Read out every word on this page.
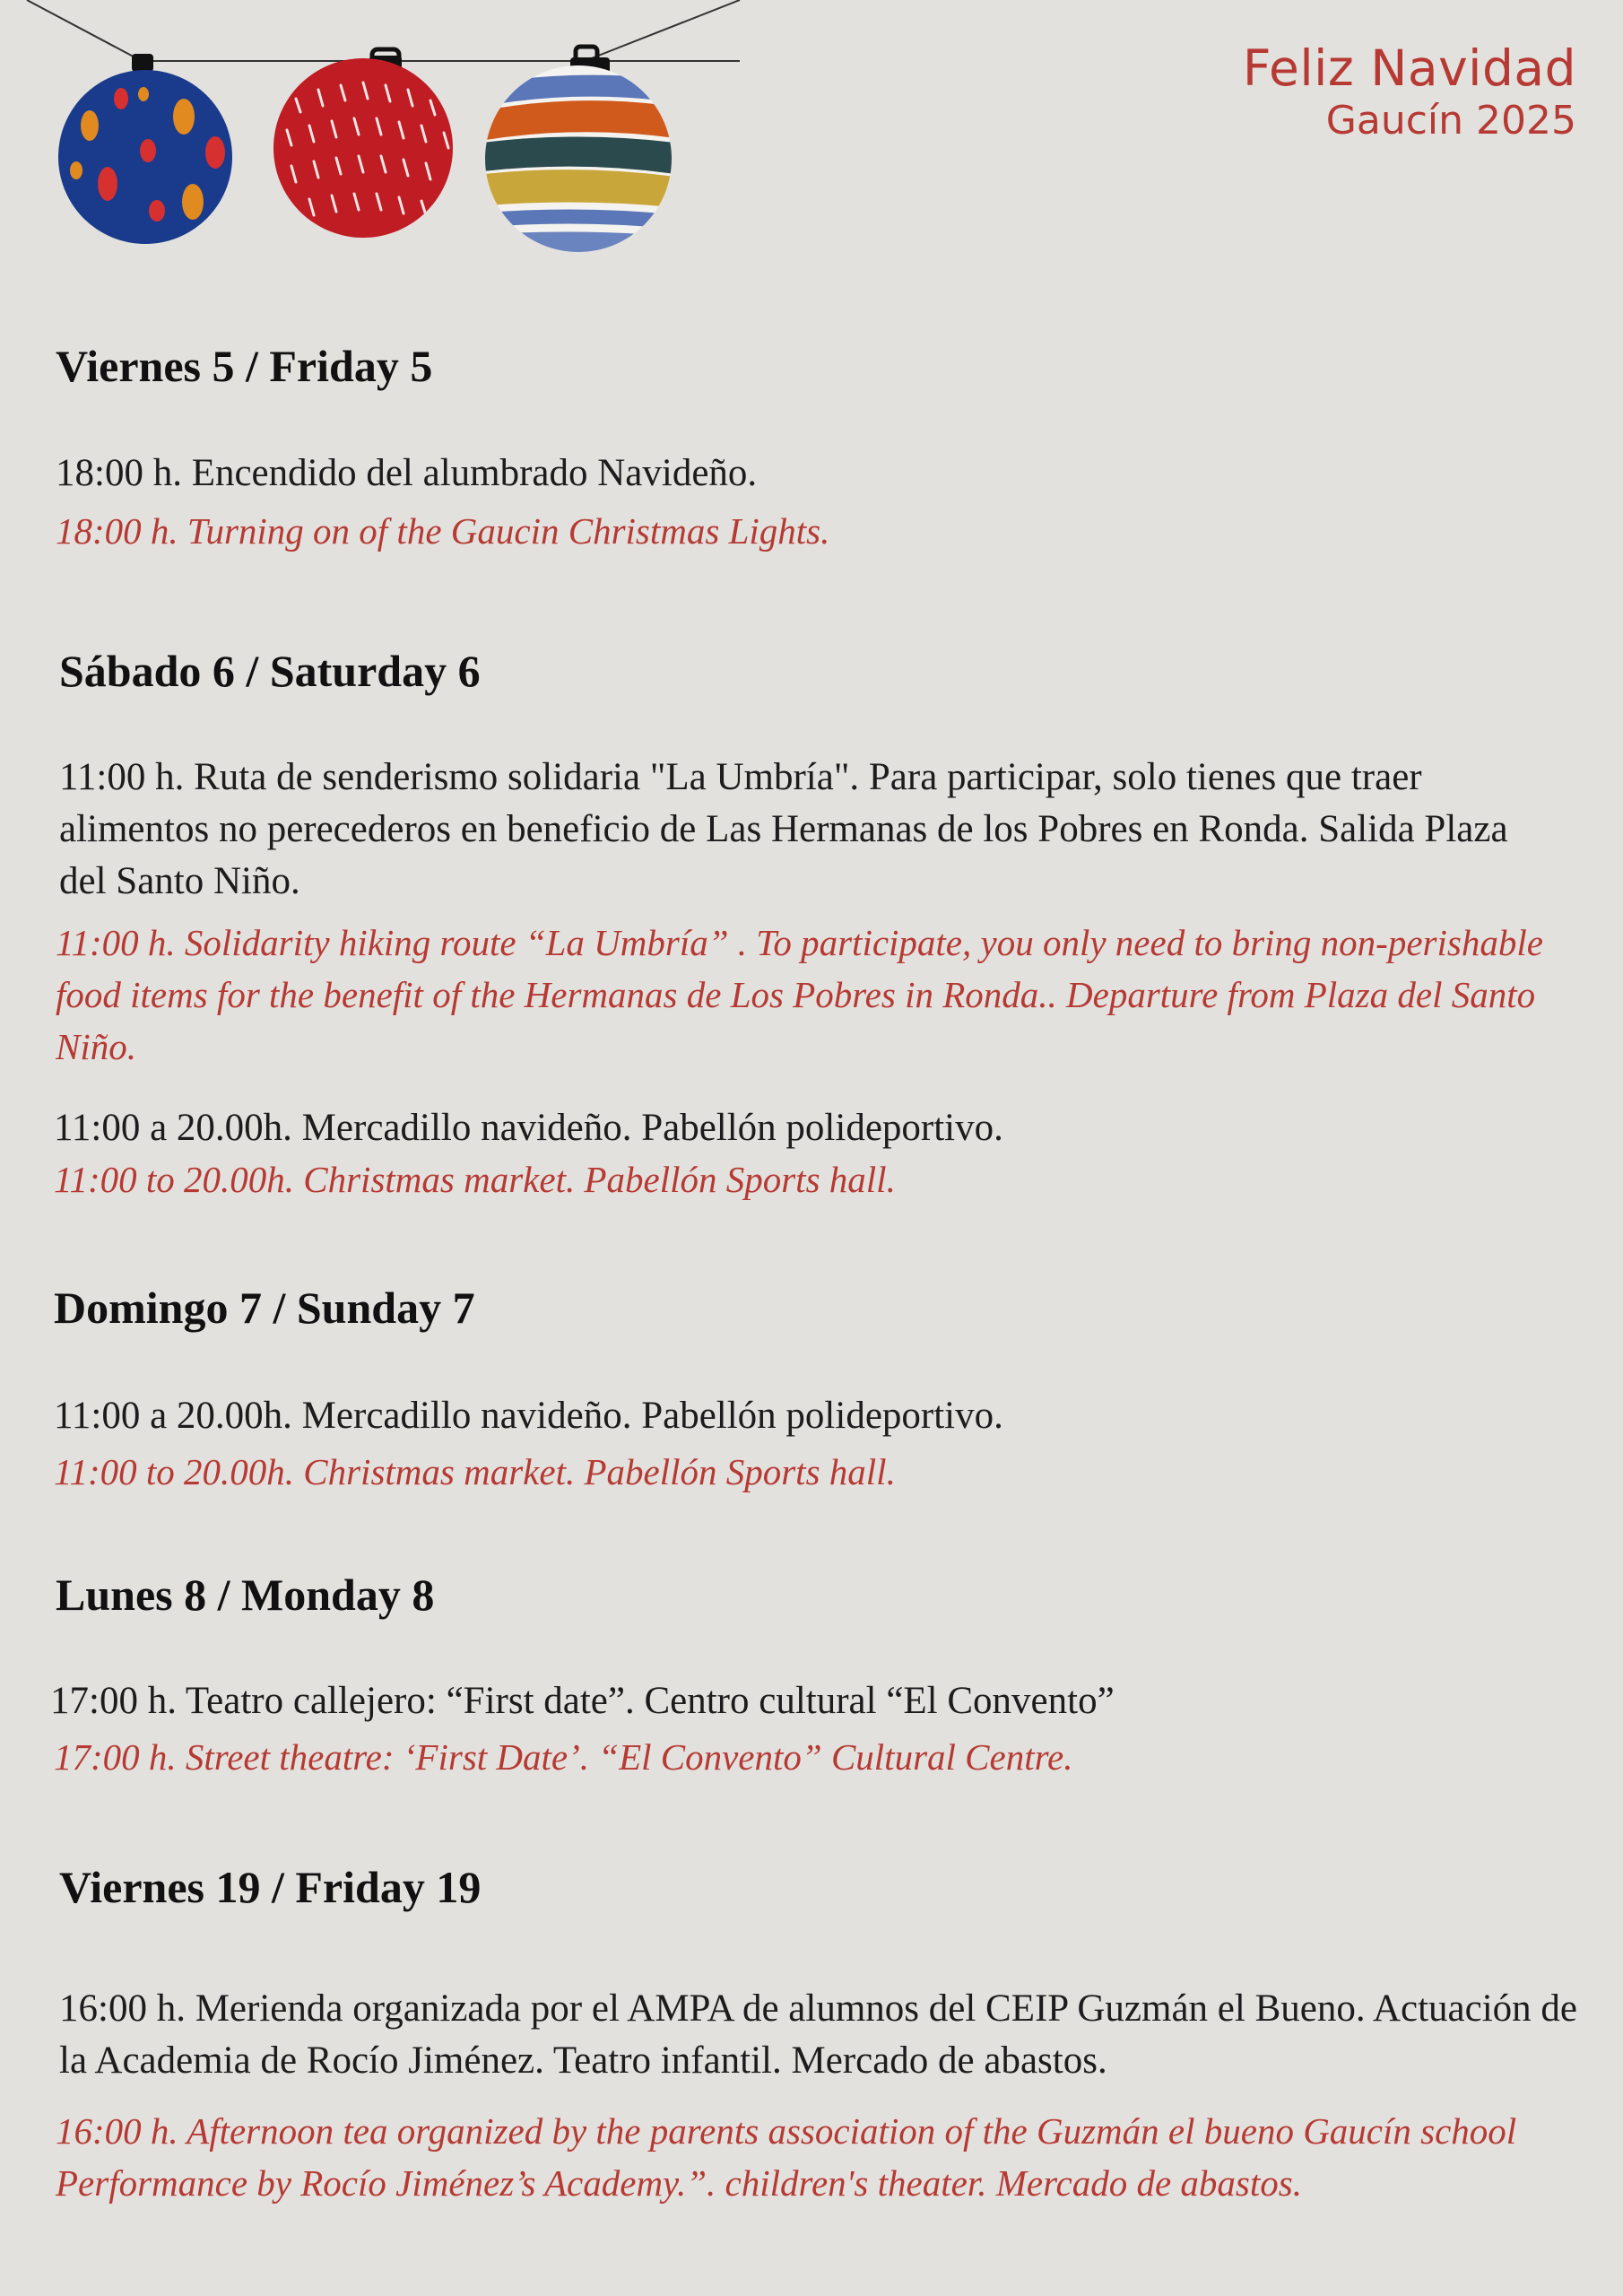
Feliz Navidad
Gaucín 2025
Viernes 5 / Friday 5
18:00 h. Encendido del alumbrado Navideño.
18:00 h. Turning on of the Gaucin Christmas Lights.
Sábado 6 / Saturday 6
11:00 h. Ruta de senderismo solidaria "La Umbría". Para participar, solo tienes que traer alimentos no perecederos en beneficio de Las Hermanas de los Pobres en Ronda. Salida Plaza del Santo Niño.
11:00 h. Solidarity hiking route “La Umbría” . To participate, you only need to bring non-perishable food items for the benefit of the Hermanas de Los Pobres in Ronda.. Departure from Plaza del Santo Niño.
11:00 a 20.00h. Mercadillo navideño. Pabellón polideportivo.
11:00 to 20.00h. Christmas market. Pabellón Sports hall.
Domingo 7 / Sunday 7
11:00 a 20.00h. Mercadillo navideño. Pabellón polideportivo.
11:00 to 20.00h. Christmas market. Pabellón Sports hall.
Lunes 8 / Monday 8
17:00 h. Teatro callejero: “First date”. Centro cultural “El Convento”
17:00 h. Street theatre: ‘First Date’. “El Convento” Cultural Centre.
Viernes 19 / Friday 19
16:00 h. Merienda organizada por el AMPA de alumnos del CEIP Guzmán el Bueno. Actuación de la Academia de Rocío Jiménez. Teatro infantil. Mercado de abastos.
16:00 h. Afternoon tea organized by the parents association of the Guzmán el bueno Gaucín school Performance by Rocío Jiménez’s Academy.”. children's theater. Mercado de abastos.
